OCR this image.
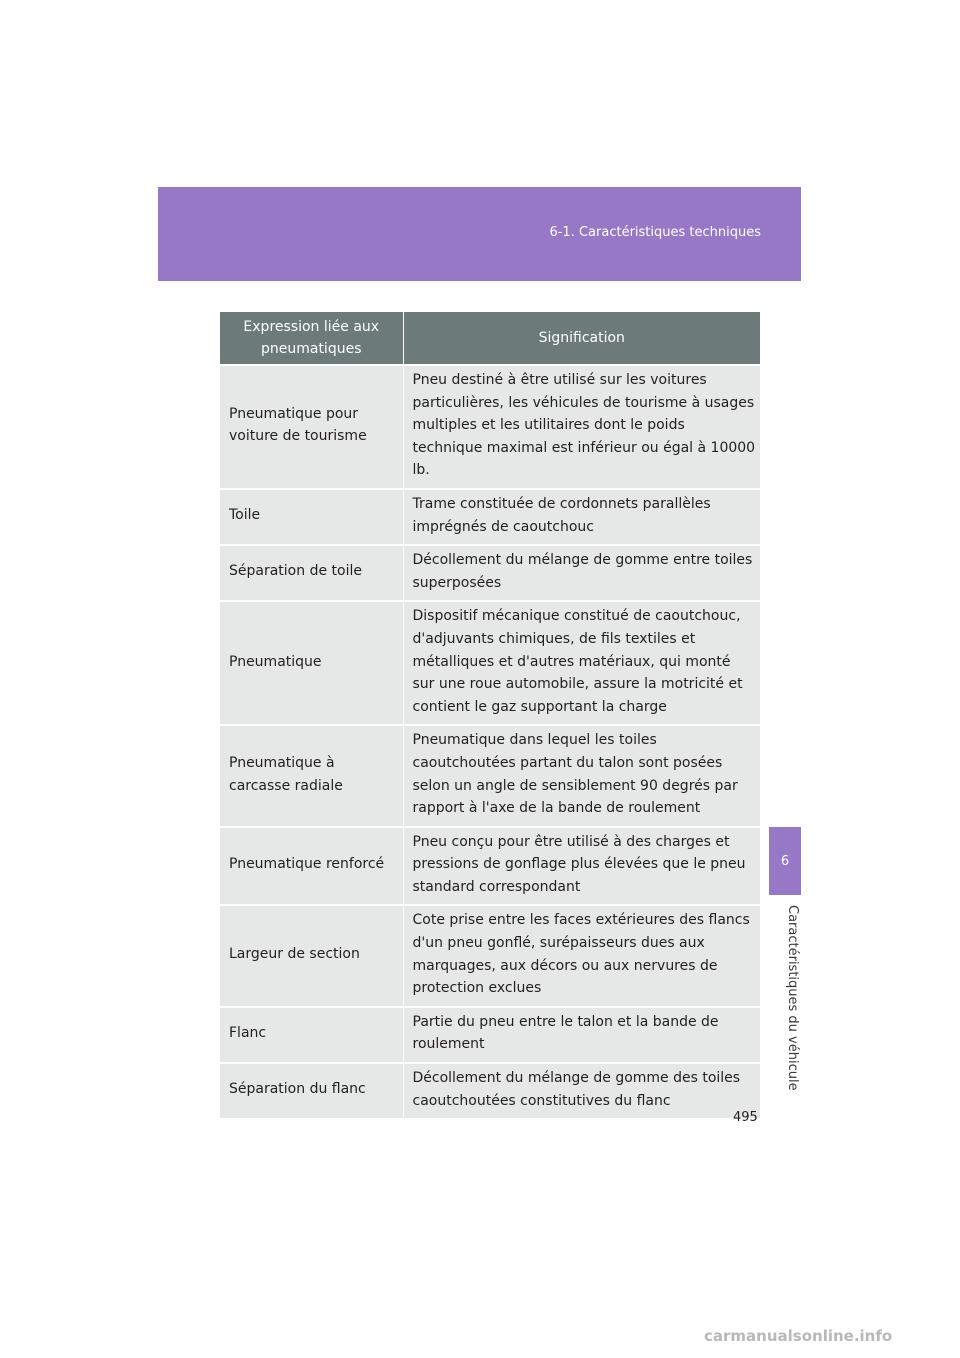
6-1. Caractéristiques techniques
6
Caractéristiques du véhicule
Expression liée aux pneumatiques	Signification
Pneumatique pour voiture de tourisme	Pneu destiné à être utilisé sur les voitures particulières, les véhicules de tourisme à usages multiples et les utilitaires dont le poids technique maximal est inférieur ou égal à 10000 lb.
Toile	Trame constituée de cordonnets parallèles imprégnés de caoutchouc
Séparation de toile	Décollement du mélange de gomme entre toiles superposées
Pneumatique	Dispositif mécanique constitué de caoutchouc, d'adjuvants chimiques, de fils textiles et métalliques et d'autres matériaux, qui monté sur une roue automobile, assure la motricité et contient le gaz supportant la charge
Pneumatique à carcasse radiale	Pneumatique dans lequel les toiles caoutchoutées partant du talon sont posées selon un angle de sensiblement 90 degrés par rapport à l'axe de la bande de roulement
Pneumatique renforcé	Pneu conçu pour être utilisé à des charges et pressions de gonflage plus élevées que le pneu standard correspondant
Largeur de section	Cote prise entre les faces extérieures des flancs d'un pneu gonflé, surépaisseurs dues aux marquages, aux décors ou aux nervures de protection exclues
Flanc	Partie du pneu entre le talon et la bande de roulement
Séparation du flanc	Décollement du mélange de gomme des toiles caoutchoutées constitutives du flanc
495
carmanualsonline.info
